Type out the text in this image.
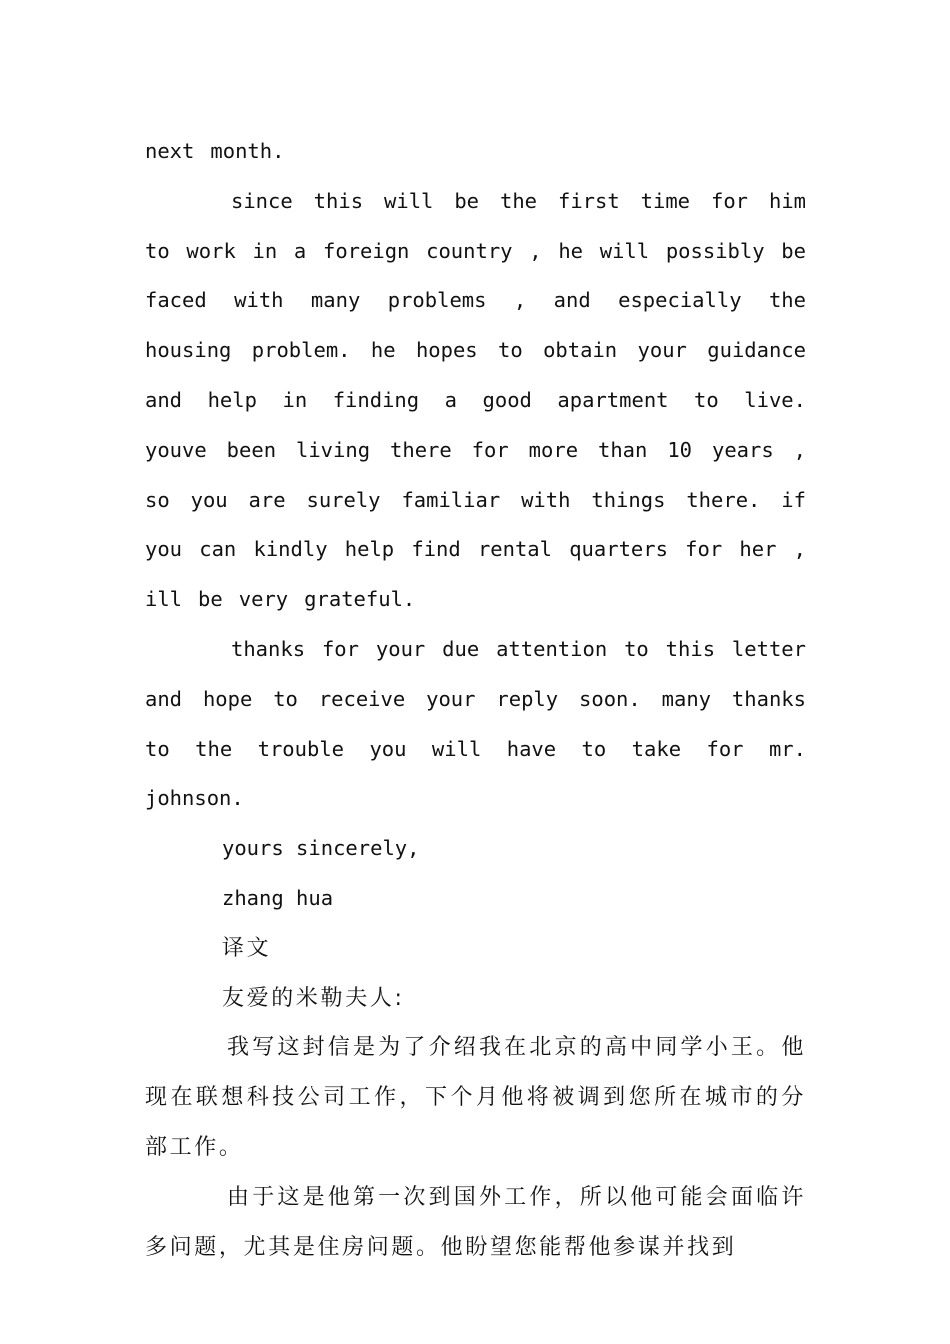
next month.

since this will be the first time for him to work in a foreign country , he will possibly be faced with many problems , and especially the housing problem. he hopes to obtain your guidance and help in finding a good apartment to live. youve been living there for more than 10 years , so you are surely familiar with things there. if you can kindly help find rental quarters for her , ill be very grateful.

thanks for your due attention to this letter and hope to receive your reply soon. many thanks to the trouble you will have to take for mr. johnson.

yours sincerely,

zhang hua

译文

友爱的米勒夫人:

我写这封信是为了介绍我在北京的高中同学小王。他现在联想科技公司工作，下个月他将被调到您所在城市的分部工作。

由于这是他第一次到国外工作，所以他可能会面临许多问题，尤其是住房问题。他盼望您能帮他参谋并找到
